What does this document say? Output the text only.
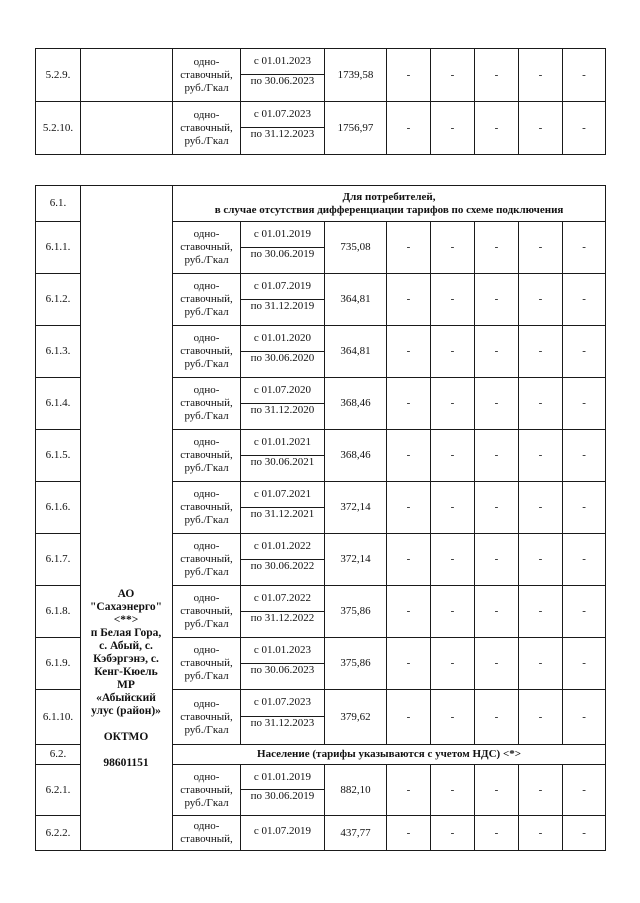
5.2.9.		одно-
ставочный,
руб./Гкал	с 01.01.2023
по 30.06.2023	1739,58	-	-	-	-	-
5.2.10.		одно-
ставочный,
руб./Гкал	с 01.07.2023
по 31.12.2023	1756,97	-	-	-	-	-
6.1.		Для потребителей,
в случае отсутствия дифференциации тарифов по схеме подключения							

6.1.1.		одно-
ставочный,
руб./Гкал	с 01.01.2019
по 30.06.2019	735,08	-	-	-	-	-
6.1.2.		одно-
ставочный,
руб./Гкал	с 01.07.2019
по 31.12.2019	364,81	-	-	-	-	-
6.1.3.		одно-
ставочный,
руб./Гкал	с 01.01.2020
по 30.06.2020	364,81	-	-	-	-	-
6.1.4.		одно-
ставочный,
руб./Гкал	с 01.07.2020
по 31.12.2020	368,46	-	-	-	-	-
6.1.5.		одно-
ставочный,
руб./Гкал	с 01.01.2021
по 30.06.2021	368,46	-	-	-	-	-
6.1.6.		одно-
ставочный,
руб./Гкал	с 01.07.2021
по 31.12.2021	372,14	-	-	-	-	-
6.1.7.		одно-
ставочный,
руб./Гкал	с 01.01.2022
по 30.06.2022	372,14	-	-	-	-	-
6.1.8.		одно-
ставочный,
руб./Гкал	с 01.07.2022
по 31.12.2022	375,86	-	-	-	-	-
6.1.9.		одно-
ставочный,
руб./Гкал	с 01.01.2023
по 30.06.2023	375,86	-	-	-	-	-
6.1.10.		одно-
ставочный,
руб./Гкал	с 01.07.2023
по 31.12.2023	379,62	-	-	-	-	-
6.2.		Население (тарифы указываются с учетом НДС) <*>							
6.2.1.		одно-
ставочный,
руб./Гкал	с 01.01.2019
по 30.06.2019	882,10	-	-	-	-	-
6.2.2.		одно-
ставочный,	с 01.07.2019	437,77	-	-	-	-	-
АО
"Сахаэнерго"
<**>
п Белая Гора,
с. Абый, с.
Кэбэргэнэ, с.
Кенг-Кюель
МР
«Абыйский
улус (район)»

ОКТМО

98601151
